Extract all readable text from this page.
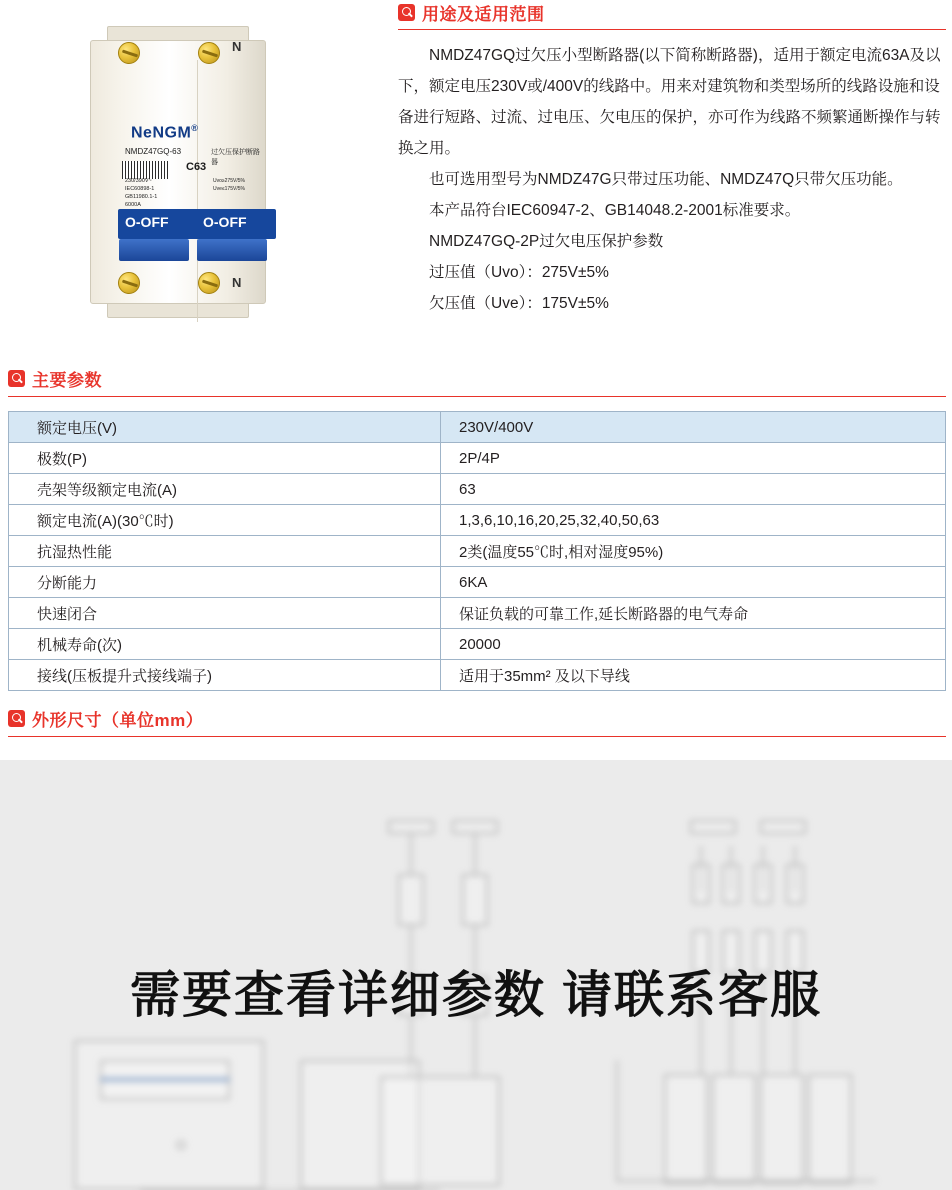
NeNGM®
NMDZ47GQ-63	过欠压保护断路器
C63
230/390V~
IEC60898-1
GB11980.1-1
6000A
Uvo≥275V/5%
Uve≤175V/5%
O-OFF O-OFF
N
N
用途及适用范围

NMDZ47GQ过欠压小型断路器(以下简称断路器)，适用于额定电流63A及以下，额定电压230V或/400V的线路中。用来对建筑物和类型场所的线路设施和设备进行短路、过流、过电压、欠电压的保护，亦可作为线路不频繁通断操作与转换之用。

也可选用型号为NMDZ47G只带过压功能、NMDZ47Q只带欠压功能。

本产品符台IEC60947-2、GB14048.2-2001标准要求。

NMDZ47GQ-2P过欠电压保护参数

过压值（Uvo）：275V±5%

欠压值（Uve）：175V±5%

主要参数
额定电压(V)	230V/400V
极数(P)	2P/4P
壳架等级额定电流(A)	63
额定电流(A)(30℃时)	1,3,6,10,16,20,25,32,40,50,63
抗湿热性能	2类(温度55℃时,相对湿度95%)
分断能力	6KA
快速闭合	保证负载的可靠工作,延长断路器的电气寿命
机械寿命(次)	20000
接线(压板提升式接线端子)	适用于35mm² 及以下导线
外形尺寸（单位mm）
需要查看详细参数 请联系客服
